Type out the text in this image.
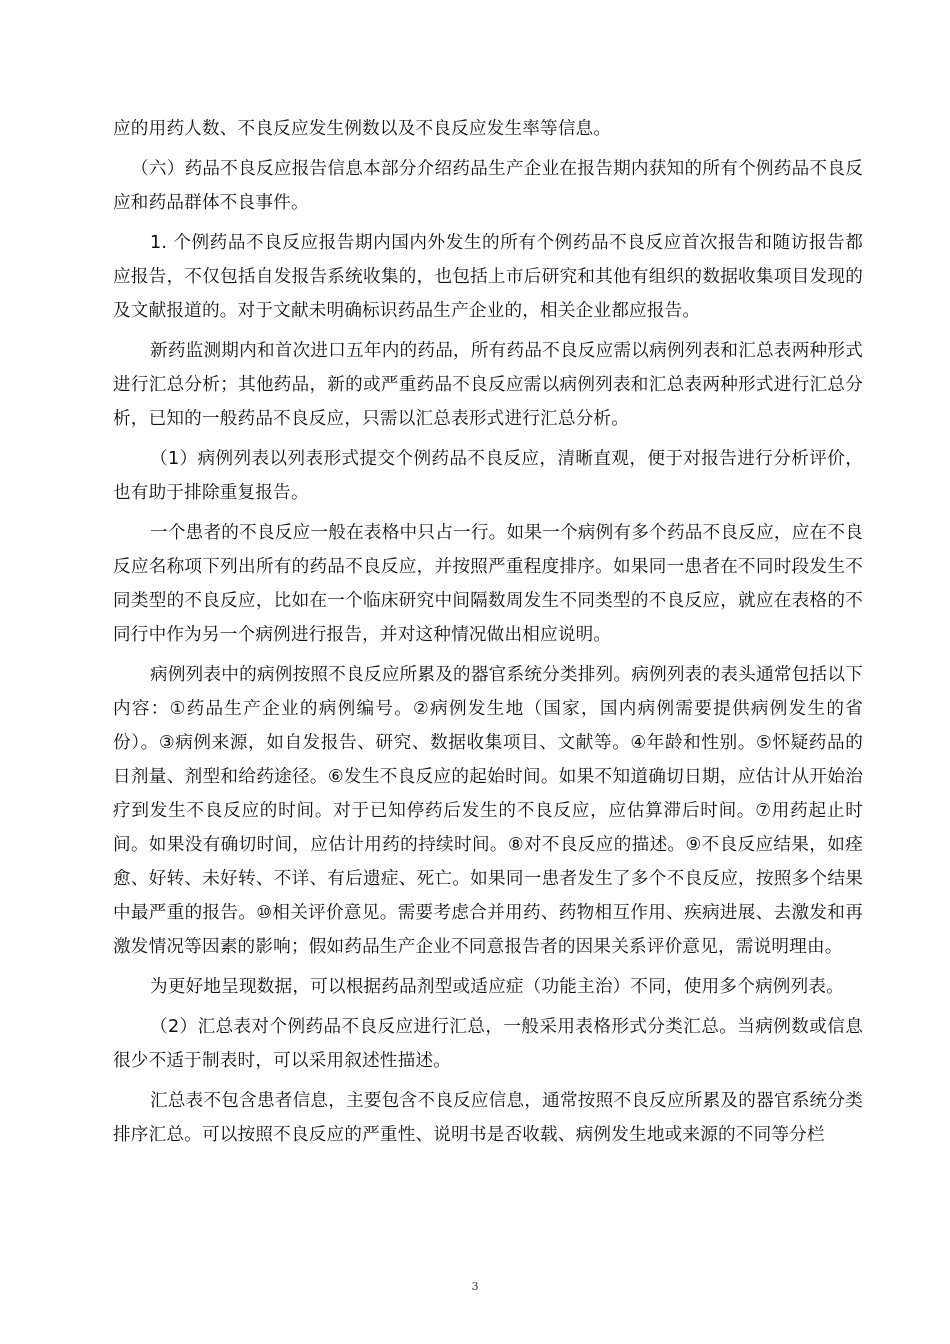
应的用药人数、不良反应发生例数以及不良反应发生率等信息。

（六）药品不良反应报告信息本部分介绍药品生产企业在报告期内获知的所有个例药品不良反应和药品群体不良事件。

1. 个例药品不良反应报告期内国内外发生的所有个例药品不良反应首次报告和随访报告都应报告，不仅包括自发报告系统收集的，也包括上市后研究和其他有组织的数据收集项目发现的及文献报道的。对于文献未明确标识药品生产企业的，相关企业都应报告。

新药监测期内和首次进口五年内的药品，所有药品不良反应需以病例列表和汇总表两种形式进行汇总分析；其他药品，新的或严重药品不良反应需以病例列表和汇总表两种形式进行汇总分析，已知的一般药品不良反应，只需以汇总表形式进行汇总分析。

（1）病例列表以列表形式提交个例药品不良反应，清晰直观，便于对报告进行分析评价，也有助于排除重复报告。

一个患者的不良反应一般在表格中只占一行。如果一个病例有多个药品不良反应，应在不良反应名称项下列出所有的药品不良反应，并按照严重程度排序。如果同一患者在不同时段发生不同类型的不良反应，比如在一个临床研究中间隔数周发生不同类型的不良反应，就应在表格的不同行中作为另一个病例进行报告，并对这种情况做出相应说明。

病例列表中的病例按照不良反应所累及的器官系统分类排列。病例列表的表头通常包括以下内容：①药品生产企业的病例编号。②病例发生地（国家，国内病例需要提供病例发生的省份）。③病例来源，如自发报告、研究、数据收集项目、文献等。④年龄和性别。⑤怀疑药品的日剂量、剂型和给药途径。⑥发生不良反应的起始时间。如果不知道确切日期，应估计从开始治疗到发生不良反应的时间。对于已知停药后发生的不良反应，应估算滞后时间。⑦用药起止时间。如果没有确切时间，应估计用药的持续时间。⑧对不良反应的描述。⑨不良反应结果，如痊愈、好转、未好转、不详、有后遗症、死亡。如果同一患者发生了多个不良反应，按照多个结果中最严重的报告。⑩相关评价意见。需要考虑合并用药、药物相互作用、疾病进展、去激发和再激发情况等因素的影响；假如药品生产企业不同意报告者的因果关系评价意见，需说明理由。

为更好地呈现数据，可以根据药品剂型或适应症（功能主治）不同，使用多个病例列表。

（2）汇总表对个例药品不良反应进行汇总，一般采用表格形式分类汇总。当病例数或信息很少不适于制表时，可以采用叙述性描述。

汇总表不包含患者信息，主要包含不良反应信息，通常按照不良反应所累及的器官系统分类排序汇总。可以按照不良反应的严重性、说明书是否收载、病例发生地或来源的不同等分栏

3
